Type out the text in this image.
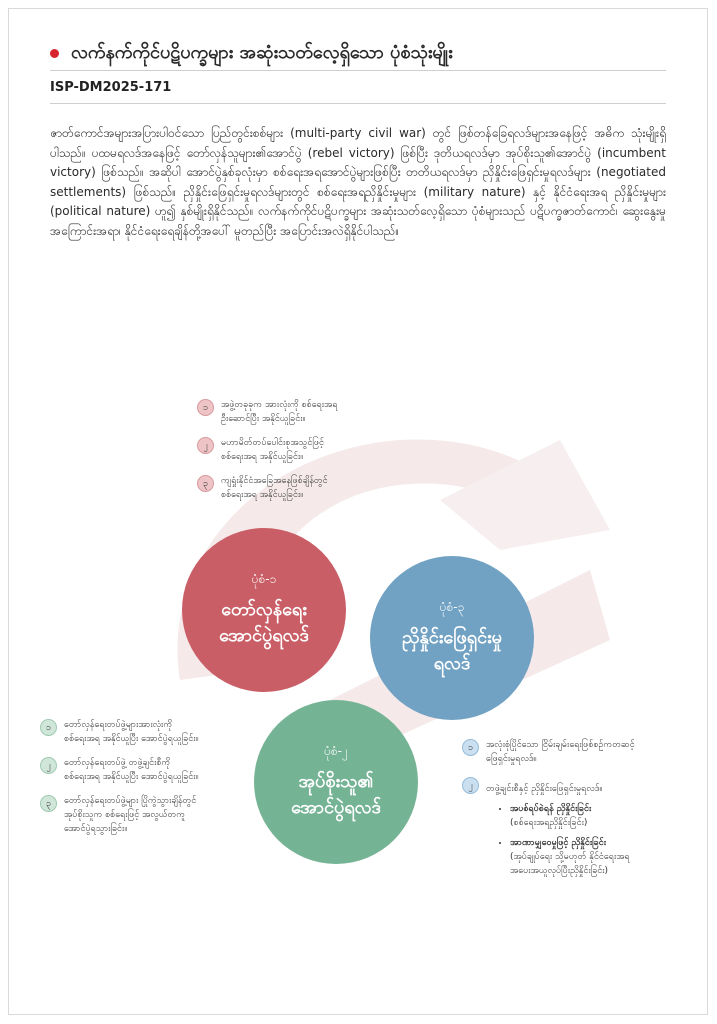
လက်နက်ကိုင်ပဋိပက္ခများ အဆုံးသတ်လေ့ရှိသော ပုံစံသုံးမျိုး
ISP-DM2025-171
ဇာတ်ကောင်အများအပြားပါဝင်သော ပြည်တွင်းစစ်များ (multi-party civil war) တွင် ဖြစ်တန်ခြေရလဒ်များအနေဖြင့် အဓိက သုံးမျိုးရှိပါသည်။ ပထမရလဒ်အနေဖြင့် တော်လှန်သူများ၏အောင်ပွဲ (rebel victory) ဖြစ်ပြီး ဒုတိယရလဒ်မှာ အုပ်စိုးသူ၏အောင်ပွဲ (incumbent victory) ဖြစ်သည်။ အဆိုပါ အောင်ပွဲနှစ်ခုလုံးမှာ စစ်ရေးအရအောင်ပွဲများဖြစ်ပြီး တတိယရလဒ်မှာ ညှိနှိုင်းဖြေရှင်းမှုရလဒ်များ (negotiated settlements) ဖြစ်သည်။ ညှိနှိုင်းဖြေရှင်းမှုရလဒ်များတွင် စစ်ရေးအရညှိနှိုင်းမှုများ (military nature) နှင့် နိုင်ငံရေးအရ ညှိနှိုင်းမှုများ (political nature) ဟူ၍ နှစ်မျိုးရှိနိုင်သည်။ လက်နက်ကိုင်ပဋိပက္ခများ အဆုံးသတ်လေ့ရှိသော ပုံစံများသည် ပဋိပက္ခဇာတ်ကောင်၊ ဆွေးနွေးမှုအကြောင်းအရာ၊ နိုင်ငံရေးရေချိန်တို့အပေါ် မူတည်ပြီး အပြောင်းအလဲရှိနိုင်ပါသည်။
၁	အဖွဲ့တခုခုက အားလုံးကို စစ်ရေးအရ
ဦးဆောင်ပြီး အနိုင်ယူခြင်း။
၂	မဟာမိတ်တပ်ပေါင်းစုအသွင်ဖြင့်
စစ်ရေးအရ အနိုင်ယူခြင်း။
၃	ကျရှုံးနိုင်ငံအခြေအနေဖြစ်ချိန်တွင်
စစ်ရေးအရ အနိုင်ယူခြင်း။
ပုံစံ-၁
တော်လှန်ရေး
အောင်ပွဲရလဒ်
ပုံစံ-၃
ညှိနှိုင်းဖြေရှင်းမှု
ရလဒ်
ပုံစံ-၂
အုပ်စိုးသူ၏
အောင်ပွဲရလဒ်
၁	တော်လှန်ရေးတပ်ဖွဲ့များအားလုံးကို
စစ်ရေးအရ အနိုင်ယူပြီး အောင်ပွဲရယူခြင်း။
၂	တော်လှန်ရေးတပ်ဖွဲ့ တဖွဲ့ချင်းစီကို
စစ်ရေးအရ အနိုင်ယူပြီး အောင်ပွဲရယူခြင်း။
၃	တော်လှန်ရေးတပ်ဖွဲ့များ ပြိုကွဲသွားချိန်တွင်
အုပ်စိုးသူက စစ်ရေးဖြင့် အလွယ်တကူ
အောင်ပွဲရသွားခြင်း။
၁	အလုံးစုံပြိုင်သော ငြိမ်းချမ်းရေးဖြစ်စဉ်ကတဆင့်
ဖြေရှင်းမှုရလဒ်။
၂	တဖွဲ့ချင်းစီနှင့် ညှိနှိုင်းဖြေရှင်းမှုရလဒ်။
• အပစ်ရပ်စဲရန် ညှိနှိုင်းခြင်း
(စစ်ရေးအရညှိနှိုင်းခြင်း)
• အာဏာမျှဝေမှုဖြင့် ညှိနှိုင်းခြင်း
(အုပ်ချုပ်ရေး သို့မဟုတ် နိုင်ငံရေးအရ
အပေးအယူလုပ်ပြီးညှိနှိုင်းခြင်း)
